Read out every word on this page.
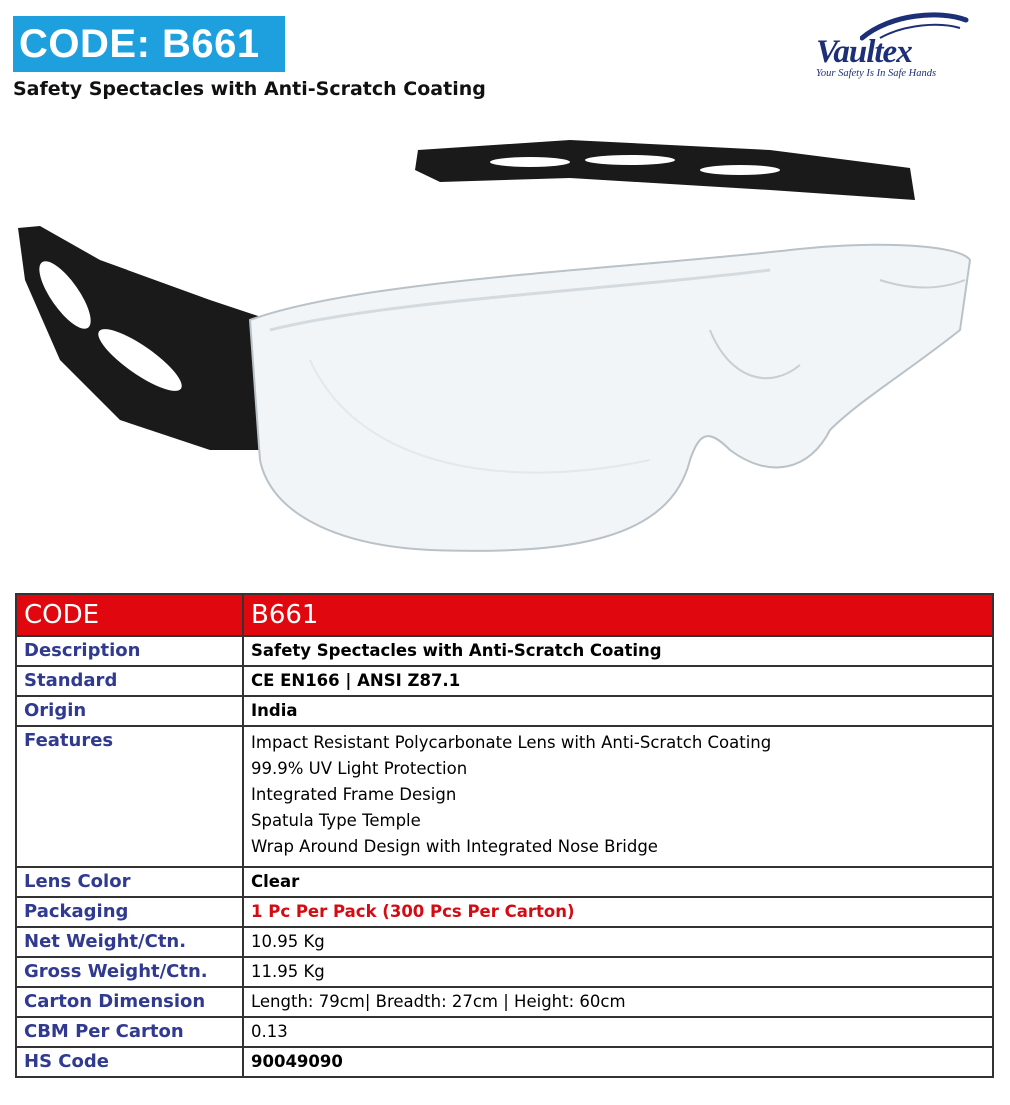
CODE: B661
Safety Spectacles with Anti-Scratch Coating
Vaultex
Your Safety Is In Safe Hands
CODE	B661
Description	Safety Spectacles with Anti-Scratch Coating
Standard	CE EN166 | ANSI Z87.1
Origin	India
Features	Impact Resistant Polycarbonate Lens with Anti-Scratch Coating
99.9% UV Light Protection
Integrated Frame Design
Spatula Type Temple
Wrap Around Design with Integrated Nose Bridge

Lens Color	Clear
Packaging	1 Pc Per Pack (300 Pcs Per Carton)
Net Weight/Ctn.	10.95 Kg
Gross Weight/Ctn.	11.95 Kg
Carton Dimension	Length: 79cm| Breadth: 27cm | Height: 60cm
CBM Per Carton	0.13
HS Code	90049090
